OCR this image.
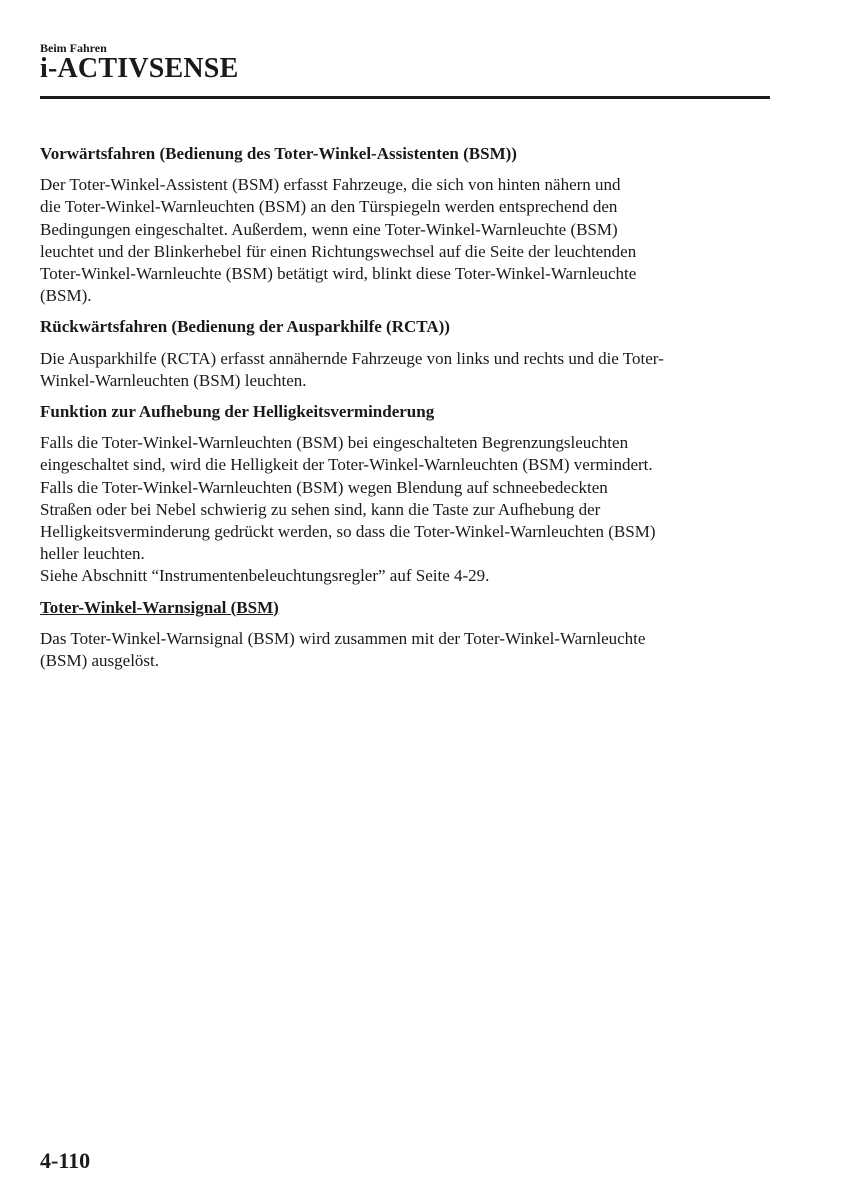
Beim Fahren
i-ACTIVSENSE
Vorwärtsfahren (Bedienung des Toter-Winkel-Assistenten (BSM))
Der Toter-Winkel-Assistent (BSM) erfasst Fahrzeuge, die sich von hinten nähern und
die Toter-Winkel-Warnleuchten (BSM) an den Türspiegeln werden entsprechend den
Bedingungen eingeschaltet. Außerdem, wenn eine Toter-Winkel-Warnleuchte (BSM)
leuchtet und der Blinkerhebel für einen Richtungswechsel auf die Seite der leuchtenden
Toter-Winkel-Warnleuchte (BSM) betätigt wird, blinkt diese Toter-Winkel-Warnleuchte
(BSM).
Rückwärtsfahren (Bedienung der Ausparkhilfe (RCTA))
Die Ausparkhilfe (RCTA) erfasst annähernde Fahrzeuge von links und rechts und die Toter-
Winkel-Warnleuchten (BSM) leuchten.
Funktion zur Aufhebung der Helligkeitsverminderung
Falls die Toter-Winkel-Warnleuchten (BSM) bei eingeschalteten Begrenzungsleuchten
eingeschaltet sind, wird die Helligkeit der Toter-Winkel-Warnleuchten (BSM) vermindert.
Falls die Toter-Winkel-Warnleuchten (BSM) wegen Blendung auf schneebedeckten
Straßen oder bei Nebel schwierig zu sehen sind, kann die Taste zur Aufhebung der
Helligkeitsverminderung gedrückt werden, so dass die Toter-Winkel-Warnleuchten (BSM)
heller leuchten.
Siehe Abschnitt “Instrumentenbeleuchtungsregler” auf Seite 4-29.
Toter-Winkel-Warnsignal (BSM)
Das Toter-Winkel-Warnsignal (BSM) wird zusammen mit der Toter-Winkel-Warnleuchte
(BSM) ausgelöst.
4-110
